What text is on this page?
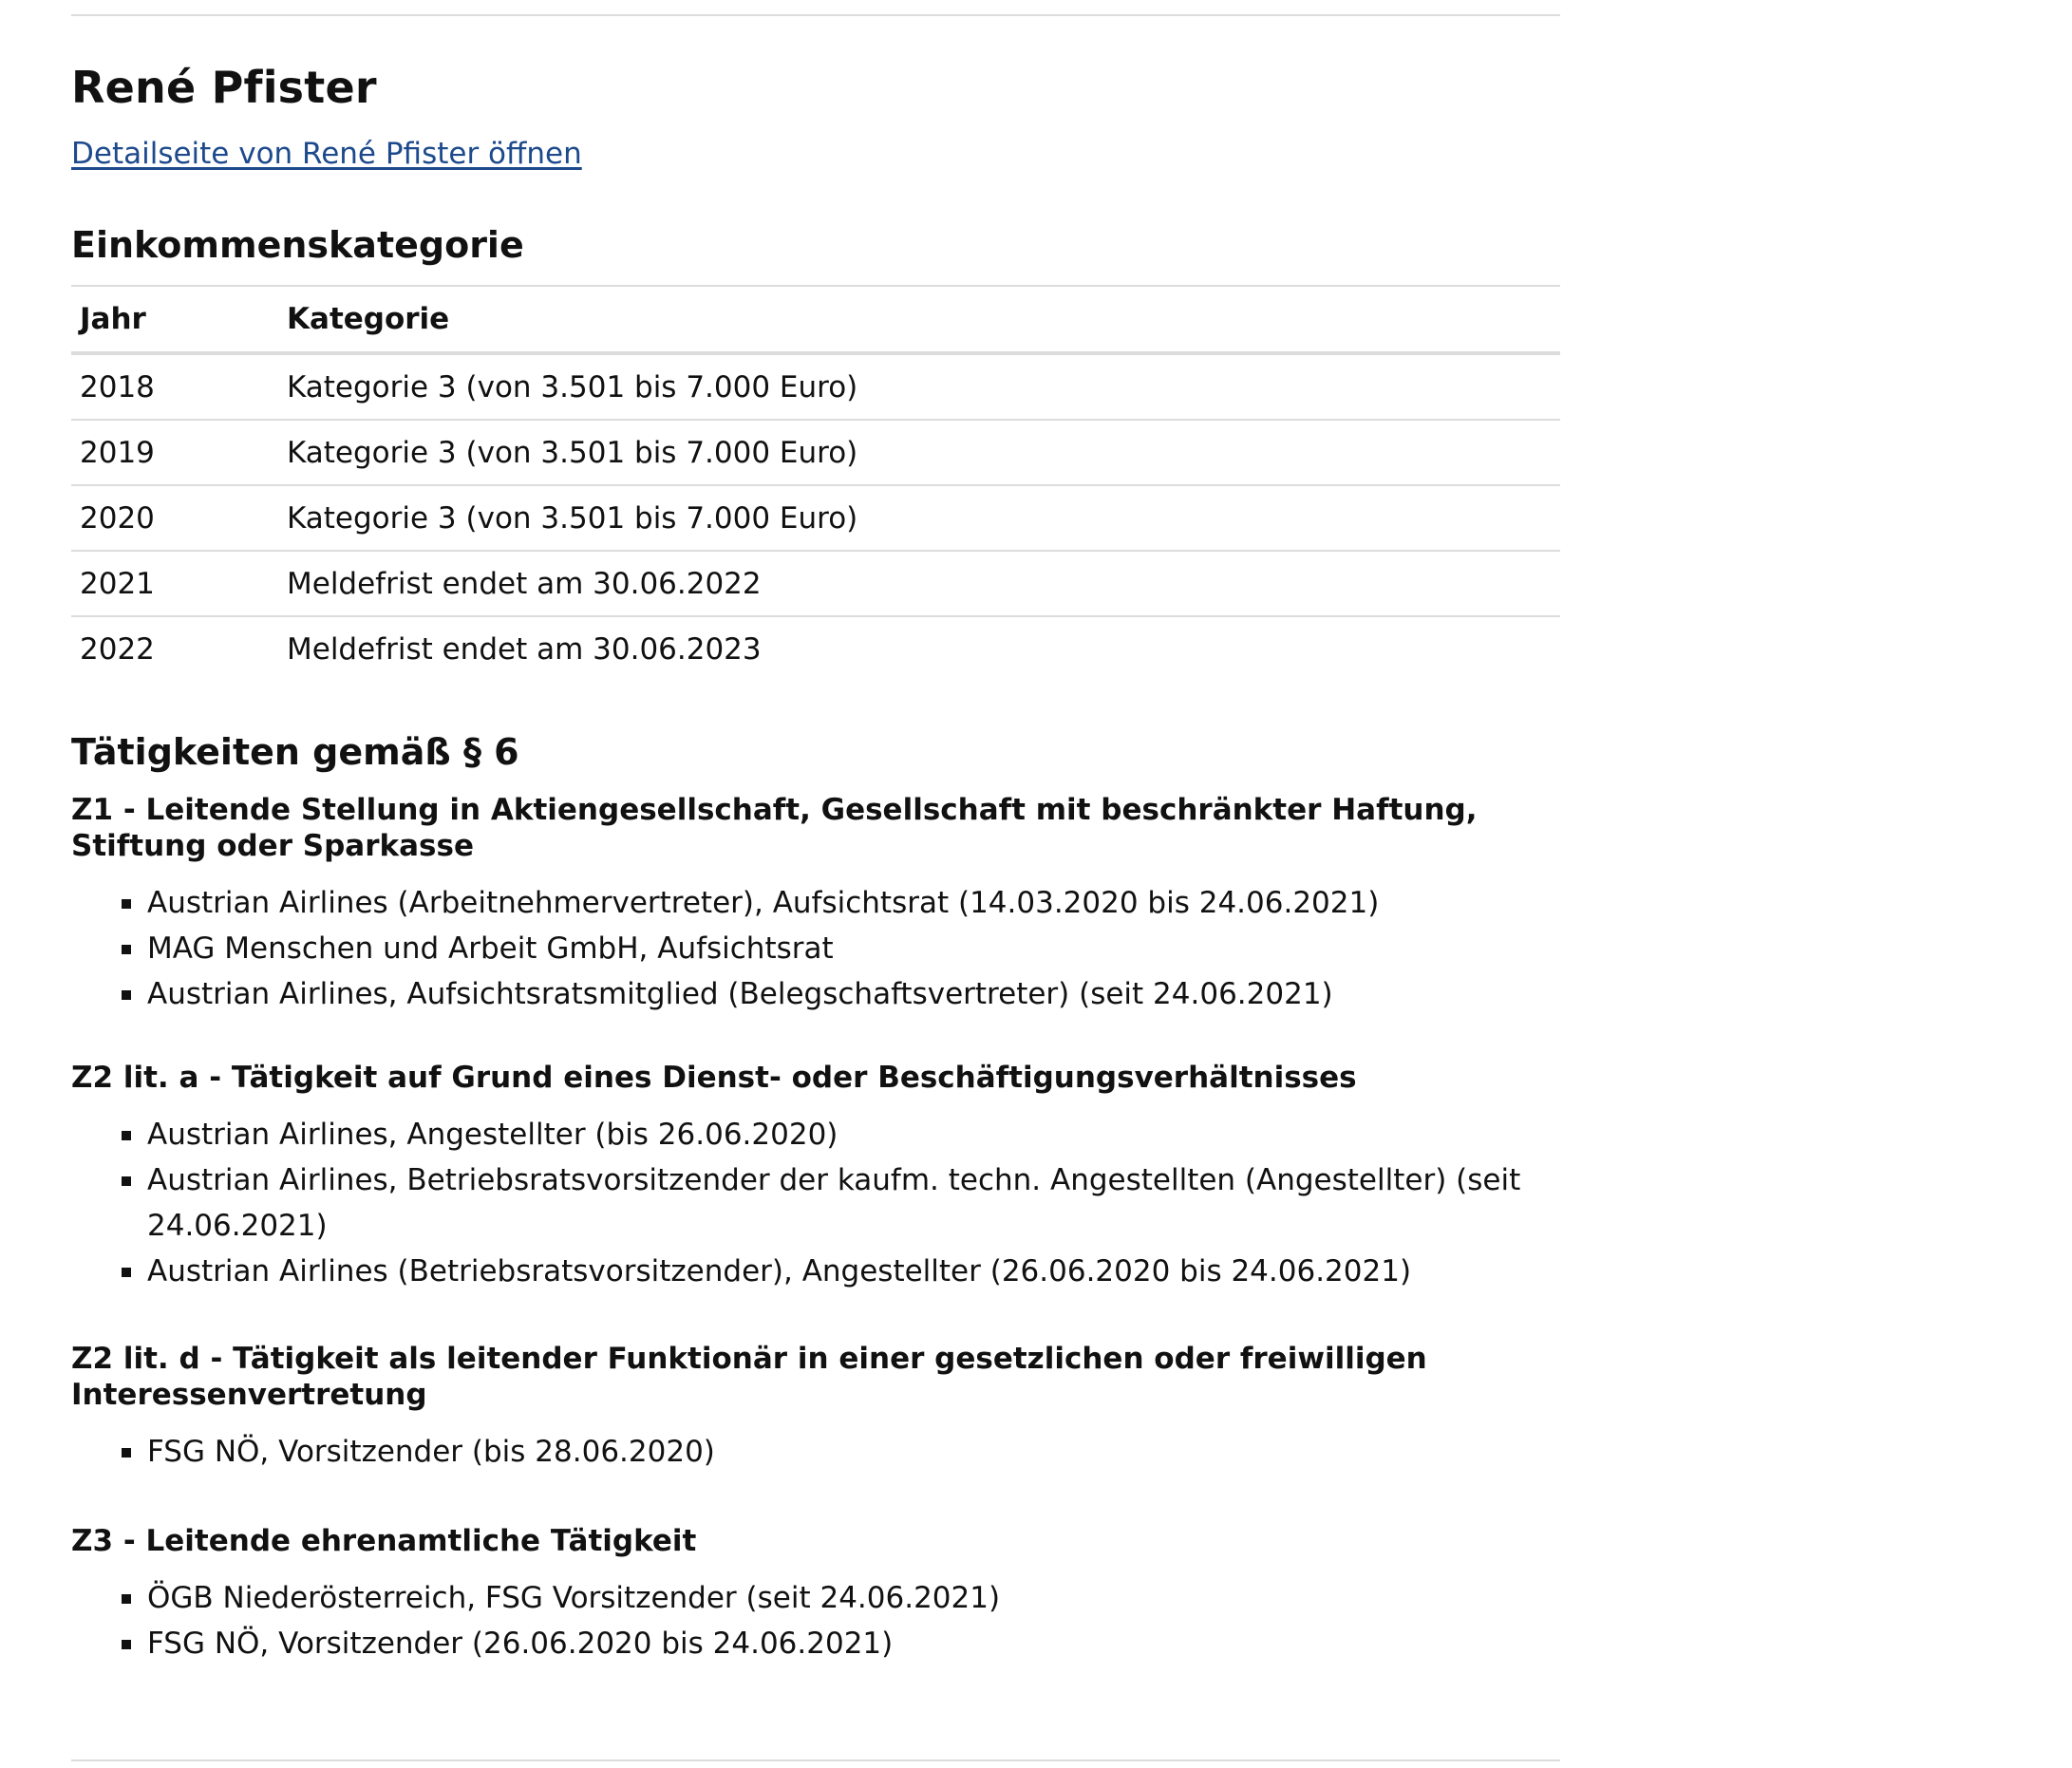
René Pfister
Detailseite von René Pfister öffnen
Einkommenskategorie
Jahr	Kategorie
2018	Kategorie 3 (von 3.501 bis 7.000 Euro)
2019	Kategorie 3 (von 3.501 bis 7.000 Euro)
2020	Kategorie 3 (von 3.501 bis 7.000 Euro)
2021	Meldefrist endet am 30.06.2022
2022	Meldefrist endet am 30.06.2023
Tätigkeiten gemäß § 6
Z1 - Leitende Stellung in Aktiengesellschaft, Gesellschaft mit beschränkter Haftung, Stiftung oder Sparkasse
Austrian Airlines (Arbeitnehmervertreter), Aufsichtsrat (14.03.2020 bis 24.06.2021)
MAG Menschen und Arbeit GmbH, Aufsichtsrat
Austrian Airlines, Aufsichtsratsmitglied (Belegschaftsvertreter) (seit 24.06.2021)
Z2 lit. a - Tätigkeit auf Grund eines Dienst- oder Beschäftigungsverhältnisses
Austrian Airlines, Angestellter (bis 26.06.2020)
Austrian Airlines, Betriebsratsvorsitzender der kaufm. techn. Angestellten (Angestellter) (seit 24.06.2021)
Austrian Airlines (Betriebsratsvorsitzender), Angestellter (26.06.2020 bis 24.06.2021)
Z2 lit. d - Tätigkeit als leitender Funktionär in einer gesetzlichen oder freiwilligen Interessenvertretung
FSG NÖ, Vorsitzender (bis 28.06.2020)
Z3 - Leitende ehrenamtliche Tätigkeit
ÖGB Niederösterreich, FSG Vorsitzender (seit 24.06.2021)
FSG NÖ, Vorsitzender (26.06.2020 bis 24.06.2021)
